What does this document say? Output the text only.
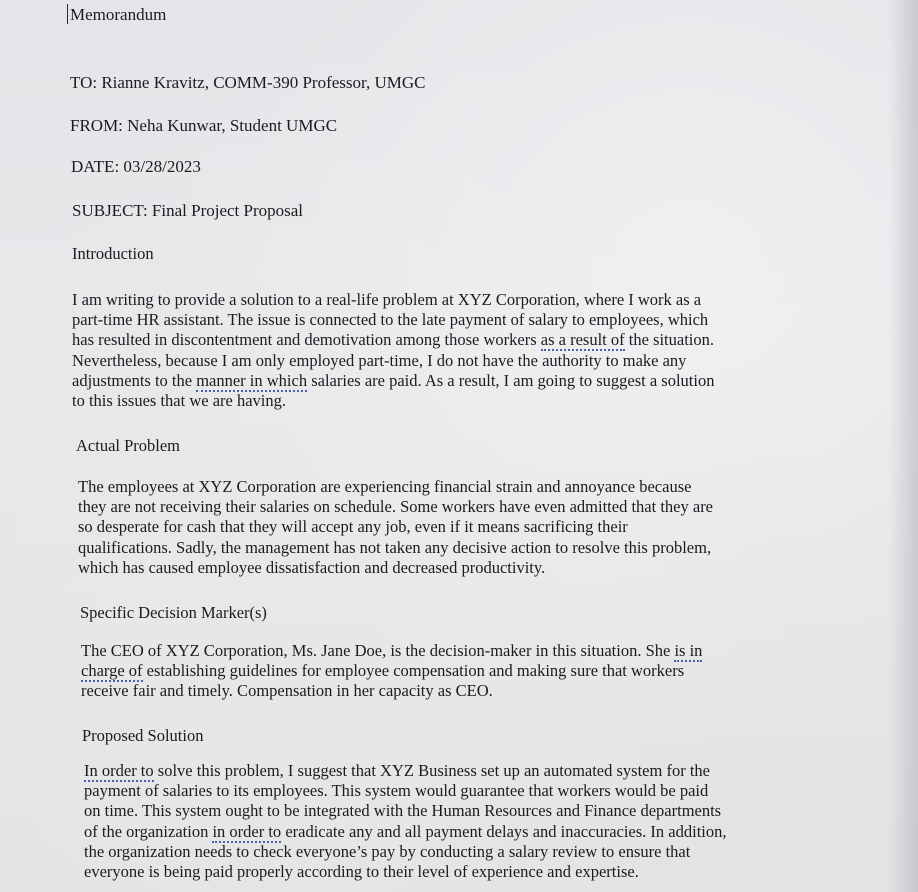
Memorandum
TO: Rianne Kravitz, COMM-390 Professor, UMGC
FROM: Neha Kunwar, Student UMGC
DATE: 03/28/2023
SUBJECT: Final Project Proposal
Introduction
I am writing to provide a solution to a real-life problem at XYZ Corporation, where I work as a
part-time HR assistant. The issue is connected to the late payment of salary to employees, which
has resulted in discontentment and demotivation among those workers as a result of the situation.
Nevertheless, because I am only employed part-time, I do not have the authority to make any
adjustments to the manner in which salaries are paid. As a result, I am going to suggest a solution
to this issues that we are having.
Actual Problem
The employees at XYZ Corporation are experiencing financial strain and annoyance because
they are not receiving their salaries on schedule. Some workers have even admitted that they are
so desperate for cash that they will accept any job, even if it means sacrificing their
qualifications. Sadly, the management has not taken any decisive action to resolve this problem,
which has caused employee dissatisfaction and decreased productivity.
Specific Decision Marker(s)
The CEO of XYZ Corporation, Ms. Jane Doe, is the decision-maker in this situation. She is in
charge of establishing guidelines for employee compensation and making sure that workers
receive fair and timely. Compensation in her capacity as CEO.
Proposed Solution
In order to solve this problem, I suggest that XYZ Business set up an automated system for the
payment of salaries to its employees. This system would guarantee that workers would be paid
on time. This system ought to be integrated with the Human Resources and Finance departments
of the organization in order to eradicate any and all payment delays and inaccuracies. In addition,
the organization needs to check everyone’s pay by conducting a salary review to ensure that
everyone is being paid properly according to their level of experience and expertise.
